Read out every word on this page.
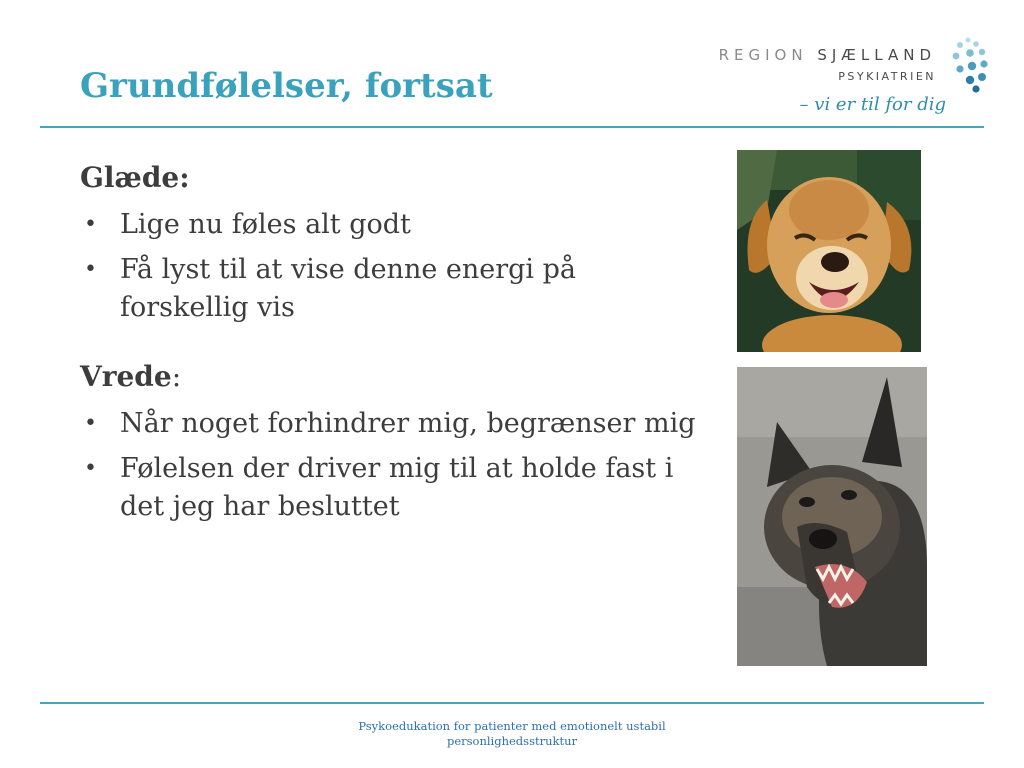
Grundfølelser, fortsat
REGION SJÆLLAND
PSYKIATRIEN
– vi er til for dig

Glæde:

• Lige nu føles alt godt
• Få lyst til at vise denne energi på forskellig vis

Vrede:

• Når noget forhindrer mig, begrænser mig
• Følelsen der driver mig til at holde fast i det jeg har besluttet
Psykoedukation for patienter med emotionelt ustabil
personlighedsstruktur
